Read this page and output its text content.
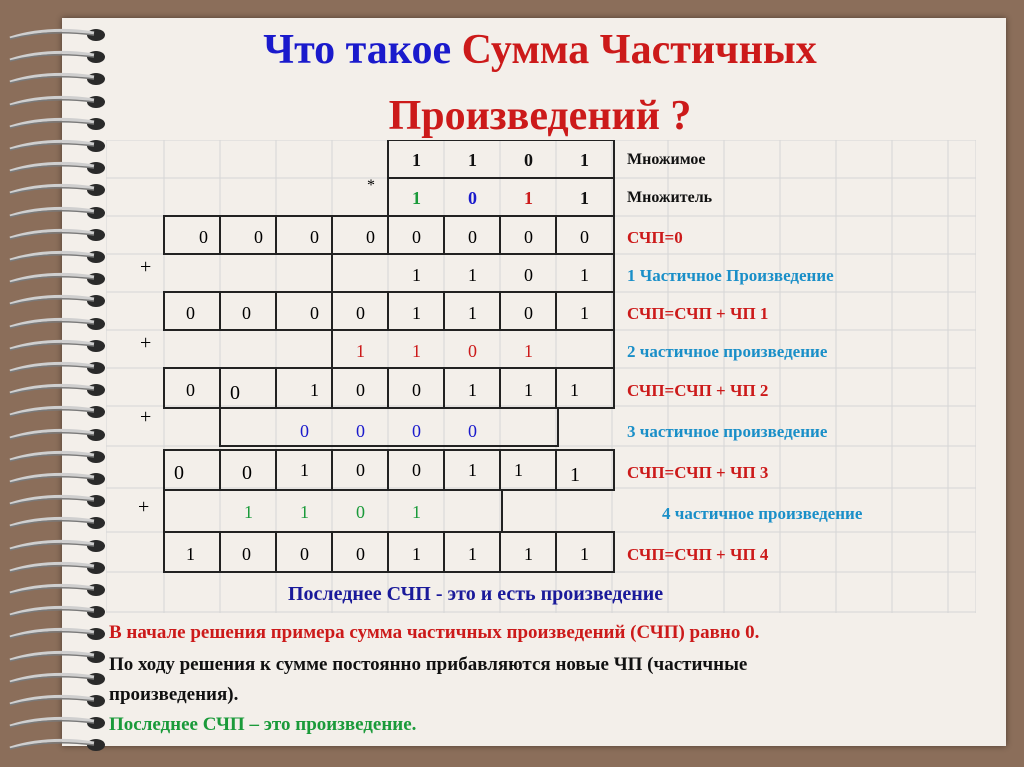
Что такое Сумма Частичных
Произведений ?
1	1	0	1 Множимое
*
1	0	1	1 Множитель
0	0	0	0 0	0	0	0 СЧП=0
1	1	0	1 1 Частичное Произведение
0	0	0 0	1	1	0	1 СЧП=СЧП + ЧП 1
1	1	0	1	2 частичное произведение
0 0	1 0	0	1	1 1	СЧП=СЧП + ЧП 2
0	0	0	0	3 частичное произведение
0	0	1	0	0	1 1 1	СЧП=СЧП + ЧП 3
1	1	0	1	4 частичное произведение
1	0	0	0	1	1	1	1 СЧП=СЧП + ЧП 4
+
+
+
+
Последнее СЧП - это и есть произведение
В начале решения примера сумма частичных произведений (СЧП) равно 0.
По ходу решения к сумме постоянно прибавляются новые ЧП (частичные
произведения).
Последнее СЧП – это произведение.
